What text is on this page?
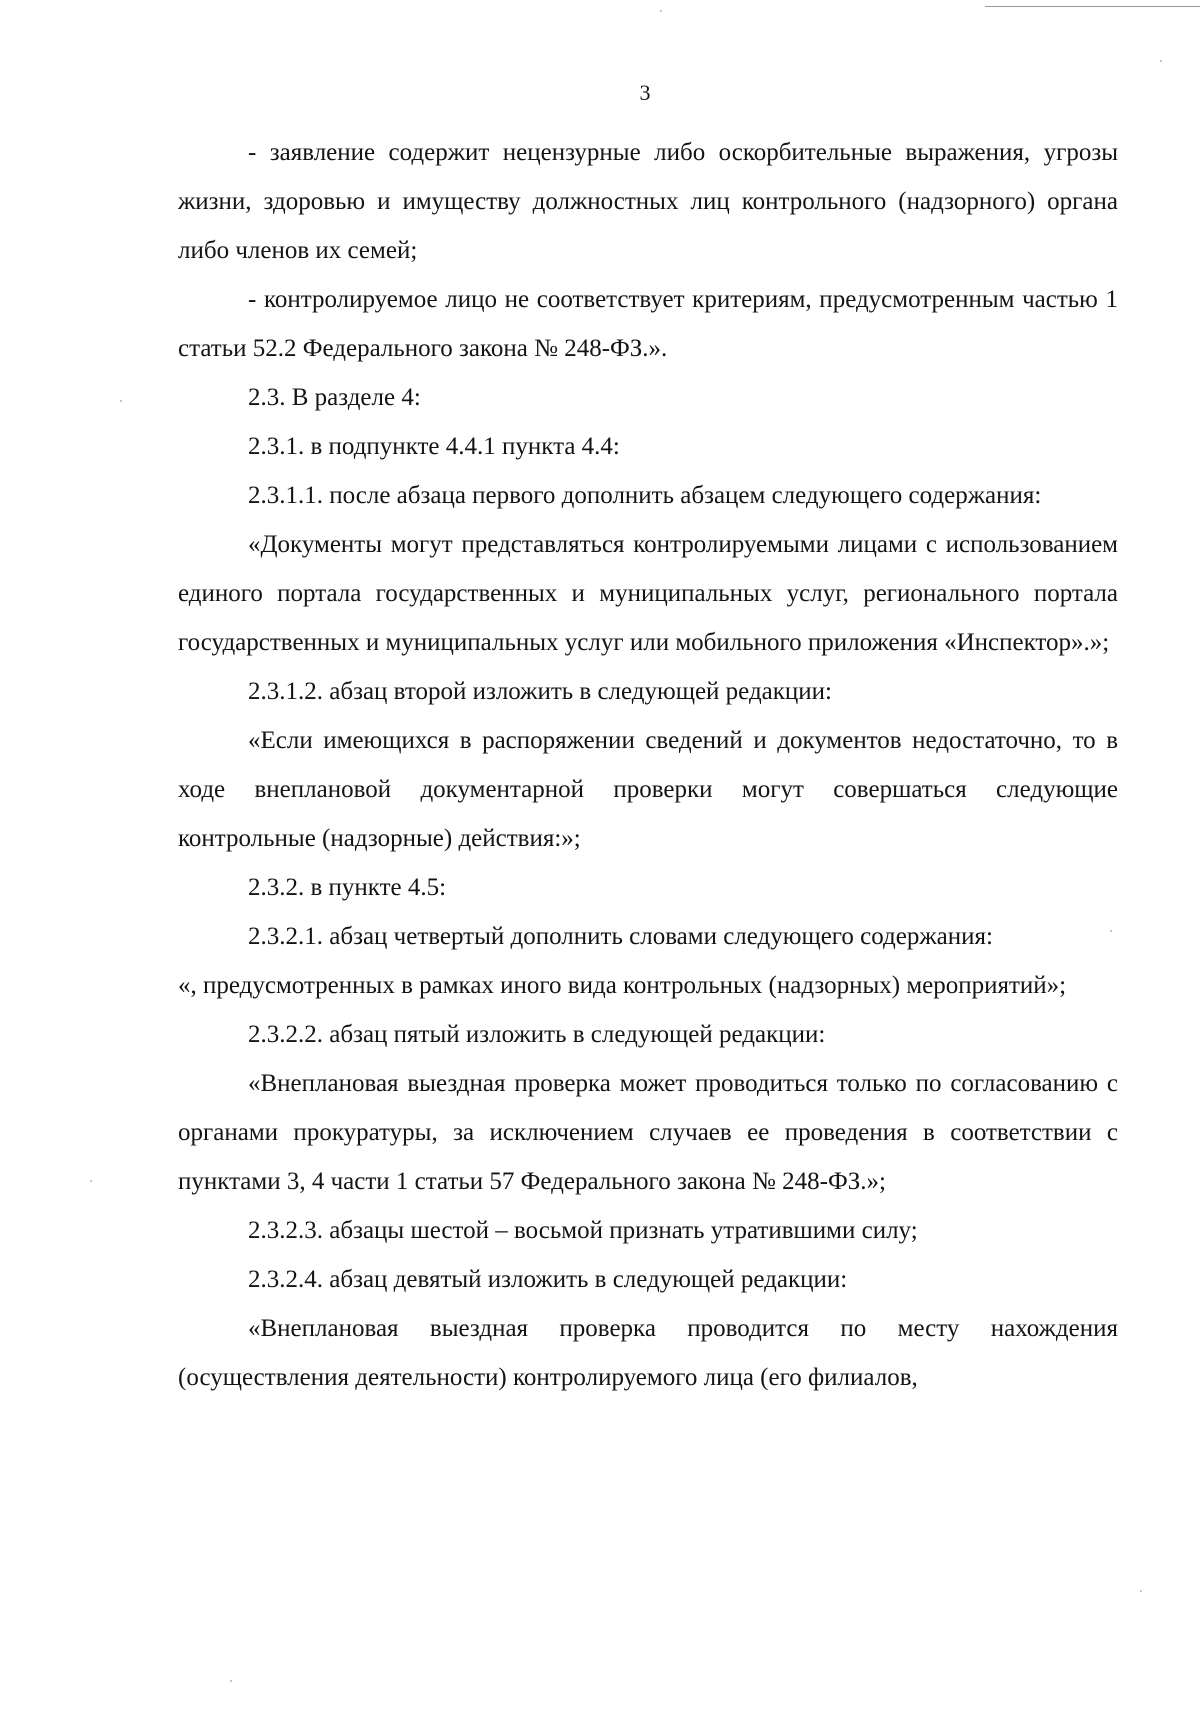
3

- заявление содержит нецензурные либо оскорбительные выражения, угрозы жизни, здоровью и имуществу должностных лиц контрольного (надзорного) органа либо членов их семей;

- контролируемое лицо не соответствует критериям, предусмотренным частью 1 статьи 52.2 Федерального закона № 248-ФЗ.».

2.3. В разделе 4:

2.3.1. в подпункте 4.4.1 пункта 4.4:

2.3.1.1. после абзаца первого дополнить абзацем следующего содержания:

«Документы могут представляться контролируемыми лицами с использованием единого портала государственных и муниципальных услуг, регионального портала государственных и муниципальных услуг или мобильного приложения «Инспектор».»;

2.3.1.2. абзац второй изложить в следующей редакции:

«Если имеющихся в распоряжении сведений и документов недостаточно, то в ходе внеплановой документарной проверки могут совершаться следующие контрольные (надзорные) действия:»;

2.3.2. в пункте 4.5:

2.3.2.1. абзац четвертый дополнить словами следующего содержания:

«, предусмотренных в рамках иного вида контрольных (надзорных) мероприятий»;

2.3.2.2. абзац пятый изложить в следующей редакции:

«Внеплановая выездная проверка может проводиться только по согласованию с органами прокуратуры, за исключением случаев ее проведения в соответствии с пунктами 3, 4 части 1 статьи 57 Федерального закона № 248-ФЗ.»;

2.3.2.3. абзацы шестой – восьмой признать утратившими силу;

2.3.2.4. абзац девятый изложить в следующей редакции:

«Внеплановая выездная проверка проводится по месту нахождения (осуществления деятельности) контролируемого лица (его филиалов,
